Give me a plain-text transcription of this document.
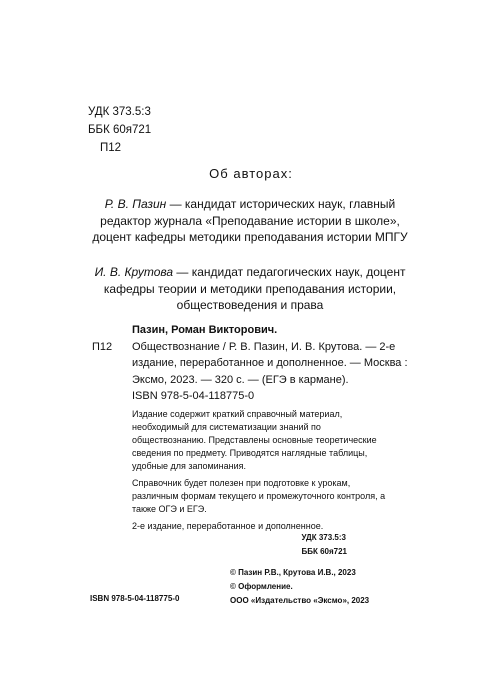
УДК 373.5:3
ББК 60я721
П12
Об авторах:
Р. В. Пазин — кандидат исторических наук, главный редактор журнала «Преподавание истории в школе», доцент кафедры методики преподавания истории МПГУ
И. В. Крутова — кандидат педагогических наук, доцент кафедры теории и методики преподавания истории, обществоведения и права
Пазин, Роман Викторович.
П12	Обществознание / Р. В. Пазин, И. В. Крутова. — 2-е издание, переработанное и дополненное. — Москва : Эксмо, 2023. — 320 с. — (ЕГЭ в кармане).
ISBN 978-5-04-118775-0

Издание содержит краткий справочный материал, необходимый для систематизации знаний по обществознанию. Представлены основные теоретические сведения по предмету. Приводятся наглядные таблицы, удобные для запоминания.

Справочник будет полезен при подготовке к урокам, различным формам текущего и промежуточного контроля, а также ОГЭ и ЕГЭ.

2-е издание, переработанное и дополненное.

УДК 373.5:3
ББК 60я721
© Пазин Р.В., Крутова И.В., 2023
© Оформление.
ООО «Издательство «Эксмо», 2023
ISBN 978-5-04-118775-0
